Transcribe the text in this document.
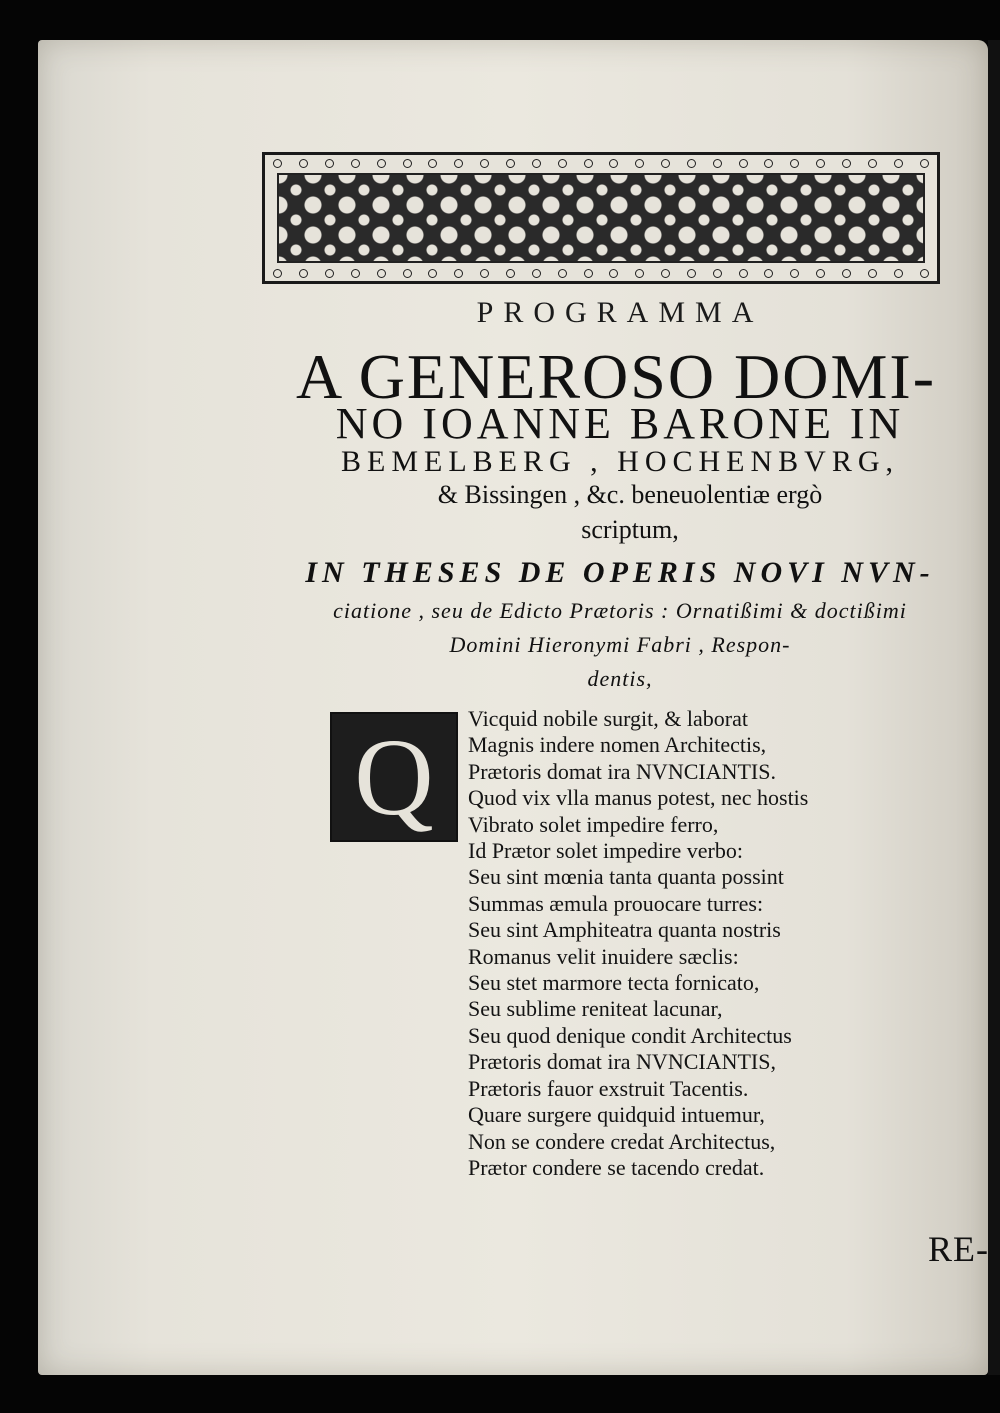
PROGRAMMA
A GENEROSO DOMI-
NO IOANNE BARONE IN
BEMELBERG , HOCHENBVRG,
& Bissingen , &c. beneuolentiæ ergò
scriptum,
IN THESES DE OPERIS NOVI NVN-
ciatione , seu de Edicto Prætoris : Ornatißimi & doctißimi
Domini Hieronymi Fabri , Respon-
dentis,
Q Vicquid nobile surgit, & laborat
Magnis indere nomen Architectis,
Prætoris domat ira NVNCIANTIS.
Quod vix vlla manus potest, nec hostis
Vibrato solet impedire ferro,
Id Prætor solet impedire verbo:
Seu sint mœnia tanta quanta possint
Summas æmula prouocare turres:
Seu sint Amphiteatra quanta nostris
Romanus velit inuidere sæclis:
Seu stet marmore tecta fornicato,
Seu sublime reniteat lacunar,
Seu quod denique condit Architectus
Prætoris domat ira NVNCIANTIS,
Prætoris fauor exstruit Tacentis.
Quare surgere quidquid intuemur,
Non se condere credat Architectus,
Prætor condere se tacendo credat.
RE-
